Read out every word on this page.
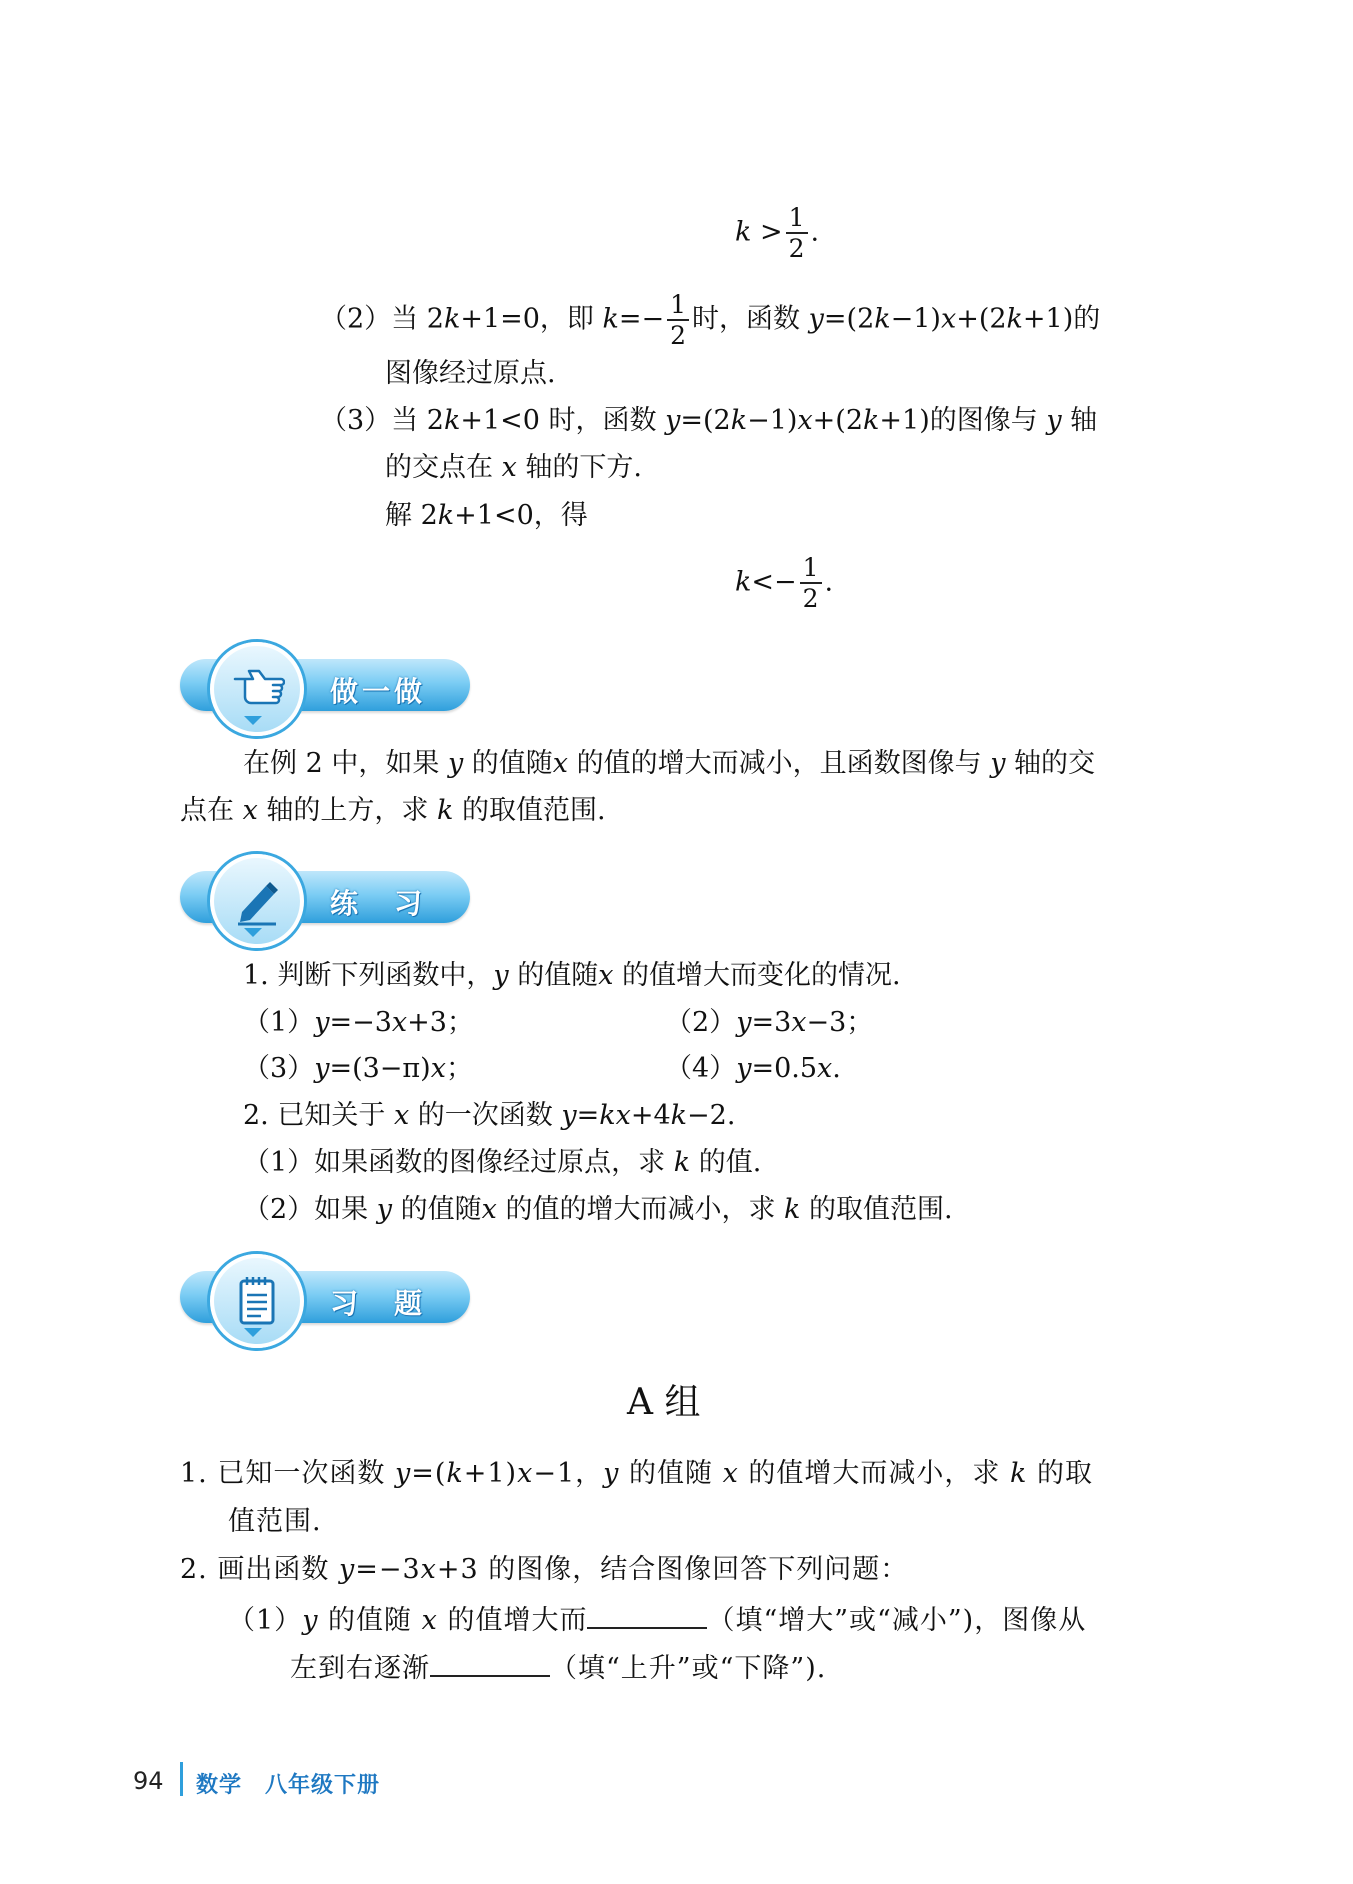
$k > \frac{1}{2}$ .
（2）当 2k+1=0，即 $k=- \frac{1}{2}$ 时，函数 y=(2k−1)x+(2k+1)的
图像经过原点.
（3）当 2k+1<0 时，函数 y=(2k−1)x+(2k+1)的图像与 y 轴
的交点在 x 轴的下方.
解 2k+1<0，得
$k<- \frac{1}{2}$ .
做一做
在例 2 中，如果 y 的值随x 的值的增大而减小，且函数图像与 y 轴的交
点在 x 轴的上方，求 k 的取值范围.
练　习
1. 判断下列函数中，y 的值随x 的值增大而变化的情况.
（1）y=−3x+3；	（2）y=3x−3；
（3）y=(3−π)x；	（4）y=0.5x.
2. 已知关于 x 的一次函数 y=kx+4k−2.
（1）如果函数的图像经过原点，求 k 的值.
（2）如果 y 的值随x 的值的增大而减小，求 k 的取值范围.
习　题
A 组
1. 已知一次函数 y=(k+1)x−1，y 的值随 x 的值增大而减小，求 k 的取
值范围.
2. 画出函数 y=−3x+3 的图像，结合图像回答下列问题：
（1）y 的值随 x 的值增大而	（填“增大”或“减小”)，图像从
左到右逐渐	（填“上升”或“下降”).
94 数学　八年级下册
